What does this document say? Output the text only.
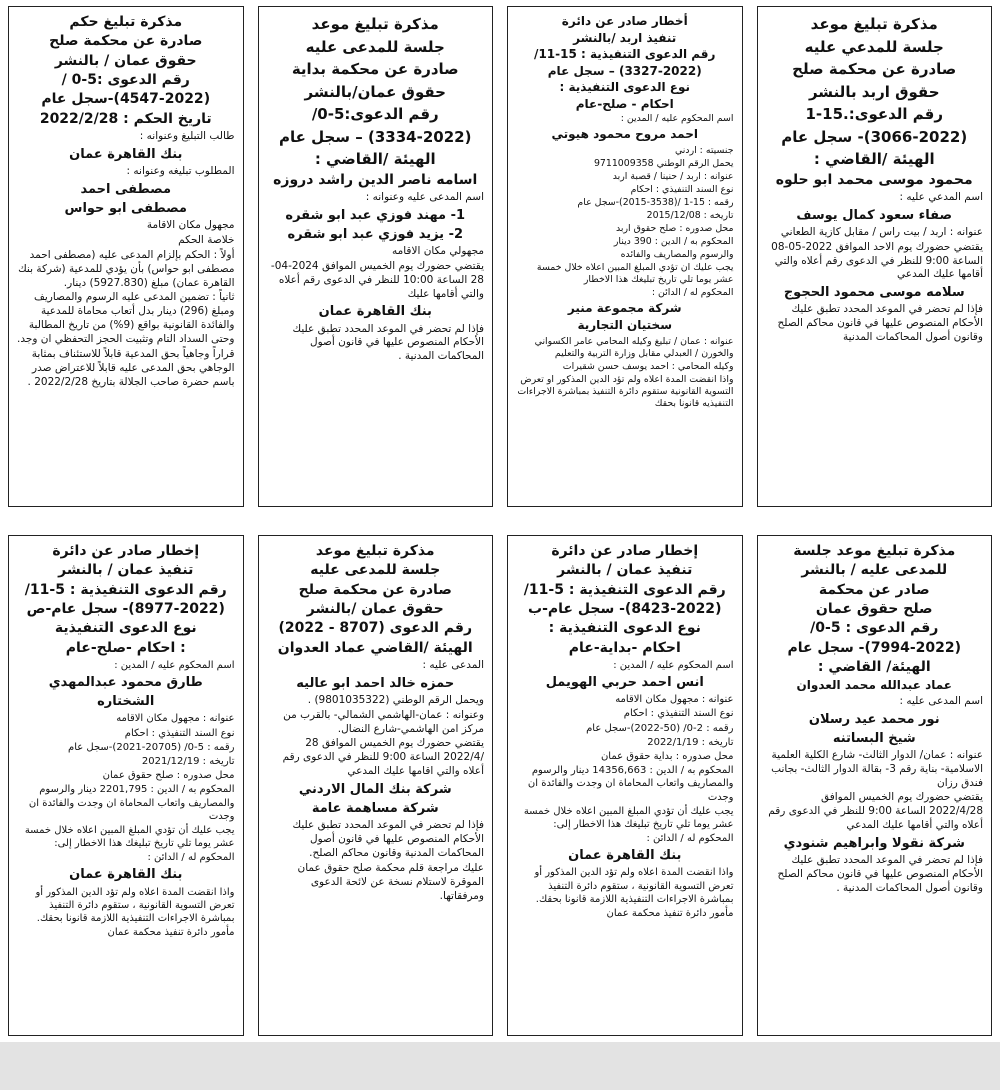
مذكرة تبليغ حكم
صادرة عن محكمة صلح
حقوق عمان / بالنشر
رقم الدعوى :5-0 /
(4547-2022)-سجل عام
تاريخ الحكم : 2022/2/28

طالب التبليغ وعنوانه :

بنك القاهرة عمان

المطلوب تبليغه وعنوانه :

مصطفى احمد

مصطفى ابو حواس

مجهول مكان الاقامة

خلاصة الحكم

أولاً : الحكم بإلزام المدعى عليه (مصطفى احمد مصطفى ابو حواس) بأن يؤدي للمدعية (شركة بنك القاهرة عمان) مبلغ (5927.830) دينار.

ثانياً : تضمين المدعى عليه الرسوم والمصاريف ومبلغ (296) دينار بدل أتعاب محاماة للمدعية والفائدة القانونية بواقع (9%) من تاريخ المطالبة وحتى السداد التام وتثبيت الحجز التحفظي ان وجد.

قراراً وجاهياً بحق المدعية قابلاً للاستئناف بمثابة الوجاهي بحق المدعى عليه قابلاً للاعتراض صدر باسم حضرة صاحب الجلالة بتاريخ 2022/2/28 .

مذكرة تبليغ موعد
جلسة للمدعى عليه
صادرة عن محكمة بداية
حقوق عمان/بالنشر
رقم الدعوى:5-0/
(3334-2022) – سجل عام
الهيئة /القاضي :
اسامه ناصر الدين راشد دروزه

اسم المدعى عليه وعنوانه :

1- مهند فوزي عبد ابو شقره

2- يزيد فوزي عبد ابو شقره

مجهولي مكان الاقامه

يقتضي حضورك يوم الخميس الموافق 2024-04-28 الساعة 10:00 للنظر في الدعوى رقم أعلاه والتي أقامها عليك

بنك القاهرة عمان

فإذا لم تحضر في الموعد المحدد تطبق عليك الأحكام المنصوص عليها في قانون أصول المحاكمات المدنية .

أخطار صادر عن دائرة
تنفيذ اربد /بالنشر
رقم الدعوى التنفيذية : 15-11/
(3327-2022) – سجل عام
نوع الدعوى التنفيذية :
احكام - صلح-عام

اسم المحكوم عليه / المدين :

احمد مروح محمود هيوتي

جنسيته : اردني

يحمل الرقم الوطني 9711009358

عنوانه : اربد / حنينا / قصبة اربد

نوع السند التنفيذي : احكام

رقمه : 15-1 /(3538-2015)-سجل عام

تاريخه : 2015/12/08

محل صدوره : صلح حقوق اربد

المحكوم به / الدين : 390 دينار

والرسوم والمصاريف والفائده

يجب عليك ان تؤدي المبلغ المبين اعلاه خلال خمسة عشر يوما تلي تاريخ تبليغك هذا الاخطار

المحكوم له / الدائن :

شركة مجموعة منير

سختيان التجارية

عنوانه : عمان / تبليغ وكيله المحامي عامر الكسواني والخورن / العبدلي مقابل وزارة التربية والتعليم

وكيله المحامي : احمد يوسف حسن شقيرات

واذا انقضت المدة اعلاه ولم تؤد الدين المذكور او تعرض التسوية القانونية ستقوم دائرة التنفيذ بمباشرة الاجراءات التنفيذيه قانونا بحقك

مذكرة تبليغ موعد
جلسة للمدعي عليه
صادرة عن محكمة صلح
حقوق اربد بالنشر
رقم الدعوى:.15-1
(3066-2022)- سجل عام
الهيئة /القاضي :
محمود موسى محمد ابو حلوه

اسم المدعي عليه :

صفاء سعود كمال يوسف

عنوانه : اربد / بيت راس / مقابل كازية الطعاني

يقتضي حضورك يوم الاحد الموافق 2022-05-08 الساعة 9:00 للنظر في الدعوى رقم أعلاه والتي أقامها عليك المدعي

سلامه موسى محمود الحجوج

فإذا لم تحضر في الموعد المحدد تطبق عليك الأحكام المنصوص عليها في قانون محاكم الصلح وقانون أصول المحاكمات المدنية

إخطار صادر عن دائرة
تنفيذ عمان / بالنشر
رقم الدعوى التنفيذية : 5-11/
(8977-2022)- سجل عام-ص
نوع الدعوى التنفيذية
: احكام -صلح-عام

اسم المحكوم عليه / المدين :

طارق محمود عبدالمهدي

الشختاره

عنوانه : مجهول مكان الاقامه

نوع السند التنفيذي : احكام

رقمه : 5-0/ (20705-2021)-سجل عام

تاريخه : 2021/12/19

محل صدوره : صلح حقوق عمان

المحكوم به / الدين : 2201,795 دينار والرسوم والمصاريف واتعاب المحاماة ان وجدت والفائدة ان وجدت

يجب عليك أن تؤدي المبلغ المبين اعلاه خلال خمسة عشر يوما تلي تاريخ تبليغك هذا الاخطار إلى:

المحكوم له / الدائن :

بنك القاهرة عمان

واذا انقضت المدة اعلاه ولم تؤد الدين المذكور أو تعرض التسوية القانونية ، ستقوم دائرة التنفيذ بمباشرة الاجراءات التنفيذية اللازمة قانونا بحقك.

مأمور دائرة تنفيذ محكمة عمان

مذكرة تبليغ موعد
جلسة للمدعى عليه
صادرة عن محكمة صلح
حقوق عمان /بالنشر
رقم الدعوى (8707 - 2022)
الهيئة /القاضي عماد العدوان

المدعى عليه :

حمزه خالد احمد ابو عاليه

ويحمل الرقم الوطني (9801035322) .

وعنوانه : عمان-الهاشمي الشمالي- بالقرب من مركز امن الهاشمي-شارع النضال.

يقتضي حضورك يوم الخميس الموافق 28 /2022/4 الساعة 9:00 للنظر في الدعوى رقم أعلاه والتي اقامها عليك المدعي

شركة بنك المال الاردني

شركة مساهمة عامة

فإذا لم تحضر في الموعد المحدد تطبق عليك الأحكام المنصوص عليها في قانون أصول المحاكمات المدنية وقانون محاكم الصلح.

عليك مراجعة قلم محكمة صلح حقوق عمان الموقرة لاستلام نسخة عن لائحة الدعوى ومرفقاتها.

إخطار صادر عن دائرة
تنفيذ عمان / بالنشر
رقم الدعوى التنفيذية : 5-11/
(8423-2022)- سجل عام-ب
نوع الدعوى التنفيذية :
احكام -بداية-عام

اسم المحكوم عليه / المدين :

انس احمد حربي الهويمل

عنوانه : مجهول مكان الاقامه

نوع السند التنفيذي : احكام

رقمه : 2-0/ (50-2022)-سجل عام

تاريخه : 2022/1/19

محل صدوره : بداية حقوق عمان

المحكوم به / الدين : 14356,663 دينار والرسوم والمصاريف واتعاب المحاماة ان وجدت والفائدة ان وجدت

يجب عليك أن تؤدي المبلغ المبين اعلاه خلال خمسة عشر يوما تلي تاريخ تبليغك هذا الاخطار إلى:

المحكوم له / الدائن :

بنك القاهرة عمان

واذا انقضت المدة اعلاه ولم تؤد الدين المذكور أو تعرض التسوية القانونية ، ستقوم دائرة التنفيذ بمباشرة الاجراءات التنفيذية اللازمة قانونا بحقك.

مأمور دائرة تنفيذ محكمة عمان

مذكرة تبليغ موعد جلسة
للمدعى عليه / بالنشر
صادر عن محكمة
صلح حقوق عمان
رقم الدعوى : 5-0/
(7994-2022)- سجل عام
الهيئة/ القاضي :
عماد عبدالله محمد العدوان

اسم المدعى عليه :

نور محمد عيد رسلان

شيخ البساتنه

عنوانه : عمان/ الدوار الثالث- شارع الكلية العلمية الاسلامية- بناية رقم 3- بقالة الدوار الثالث- بجانب فندق رزان

يقتضي حضورك يوم الخميس الموافق 2022/4/28 الساعة 9:00 للنظر في الدعوى رقم أعلاه والتي أقامها عليك المدعي

شركة نقولا وابراهيم شنودي

فإذا لم تحضر في الموعد المحدد تطبق عليك الأحكام المنصوص عليها في قانون محاكم الصلح وقانون أصول المحاكمات المدنية .
